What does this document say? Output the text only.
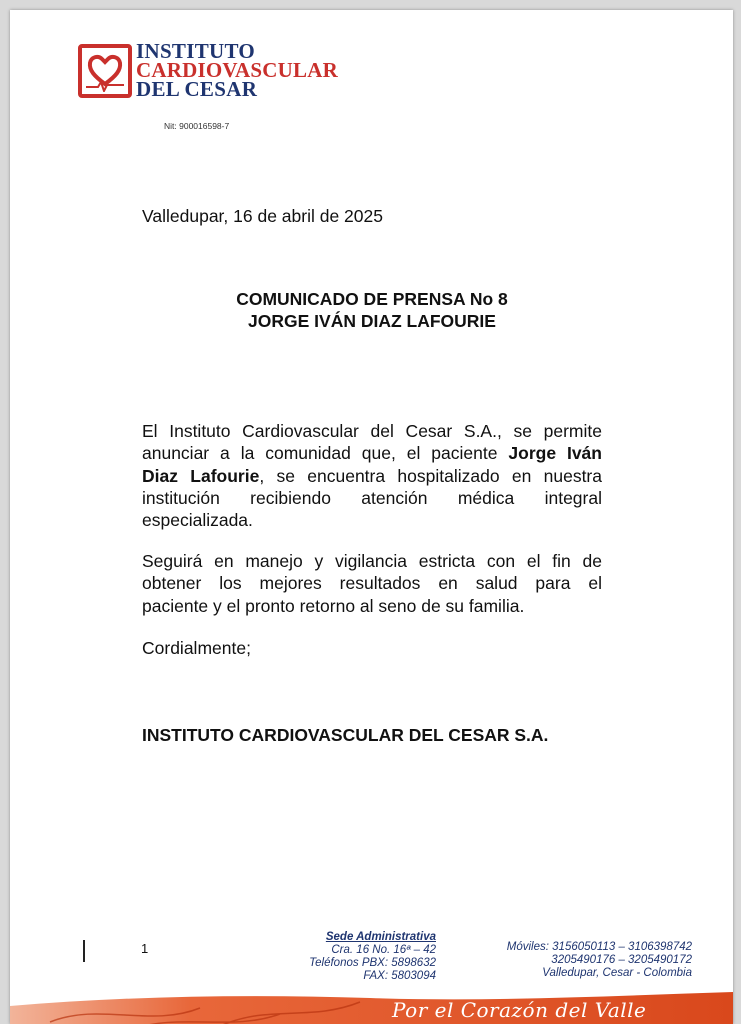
INSTITUTO
CARDIOVASCULAR
DEL CESAR
Nit: 900016598-7
Valledupar, 16 de abril de 2025
COMUNICADO DE PRENSA No 8
JORGE IVÁN DIAZ LAFOURIE
El Instituto Cardiovascular del Cesar S.A., se permite
anunciar a la comunidad que, el paciente Jorge Iván
Diaz Lafourie, se encuentra hospitalizado en nuestra
institución recibiendo atención médica integral
especializada.
Seguirá en manejo y vigilancia estricta con el fin de
obtener los mejores resultados en salud para el
paciente y el pronto retorno al seno de su familia.
Cordialmente;
INSTITUTO CARDIOVASCULAR DEL CESAR S.A.
1
Sede Administrativa
Cra. 16 No. 16ª – 42
Teléfonos PBX: 5898632
FAX: 5803094
Móviles: 3156050113 – 3106398742
3205490176 – 3205490172
Valledupar, Cesar - Colombia
Por el Corazón del Valle
